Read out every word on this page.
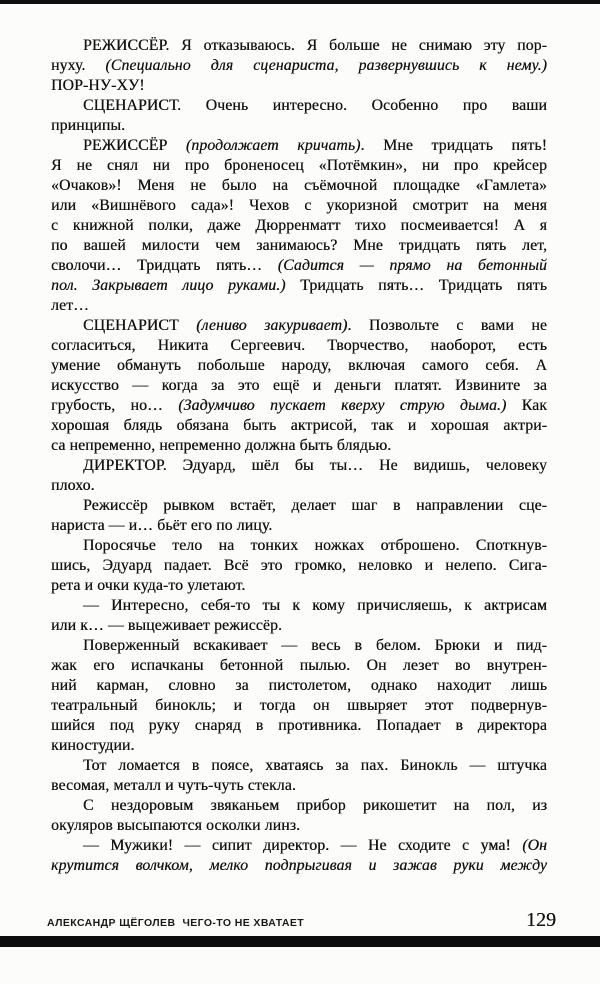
РЕЖИССЁР. Я отказываюсь. Я больше не снимаю эту пор-
нуху. (Специально для сценариста, развернувшись к нему.)
ПОР-НУ-ХУ!
СЦЕНАРИСТ. Очень интересно. Особенно про ваши
принципы.
РЕЖИССЁР (продолжает кричать). Мне тридцать пять!
Я не снял ни про броненосец «Потёмкин», ни про крейсер
«Очаков»! Меня не было на съёмочной площадке «Гамлета»
или «Вишнёвого сада»! Чехов с укоризной смотрит на меня
с книжной полки, даже Дюрренматт тихо посмеивается! А я
по вашей милости чем занимаюсь? Мне тридцать пять лет,
сволочи… Тридцать пять… (Садится — прямо на бетонный
пол. Закрывает лицо руками.) Тридцать пять… Тридцать пять
лет…
СЦЕНАРИСТ (лениво закуривает). Позвольте с вами не
согласиться, Никита Сергеевич. Творчество, наоборот, есть
умение обмануть побольше народу, включая самого себя. А
искусство — когда за это ещё и деньги платят. Извините за
грубость, но… (Задумчиво пускает кверху струю дыма.) Как
хорошая блядь обязана быть актрисой, так и хорошая актри-
са непременно, непременно должна быть блядью.
ДИРЕКТОР. Эдуард, шёл бы ты… Не видишь, человеку
плохо.
Режиссёр рывком встаёт, делает шаг в направлении сце-
нариста — и… бьёт его по лицу.
Поросячье тело на тонких ножках отброшено. Споткнув-
шись, Эдуард падает. Всё это громко, неловко и нелепо. Сига-
рета и очки куда-то улетают.
— Интересно, себя-то ты к кому причисляешь, к актрисам
или к… — выцеживает режиссёр.
Поверженный вскакивает — весь в белом. Брюки и пид-
жак его испачканы бетонной пылью. Он лезет во внутрен-
ний карман, словно за пистолетом, однако находит лишь
театральный бинокль; и тогда он швыряет этот подвернув-
шийся под руку снаряд в противника. Попадает в директора
киностудии.
Тот ломается в поясе, хватаясь за пах. Бинокль — штучка
весомая, металл и чуть-чуть стекла.
С нездоровым звяканьем прибор рикошетит на пол, из
окуляров высыпаются осколки линз.
— Мужики! — сипит директор. — Не сходите с ума! (Он
крутится волчком, мелко подпрыгивая и зажав руки между
АЛЕКСАНДР ЩЁГОЛЕВ ЧЕГО-ТО НЕ ХВАТАЕТ	129
